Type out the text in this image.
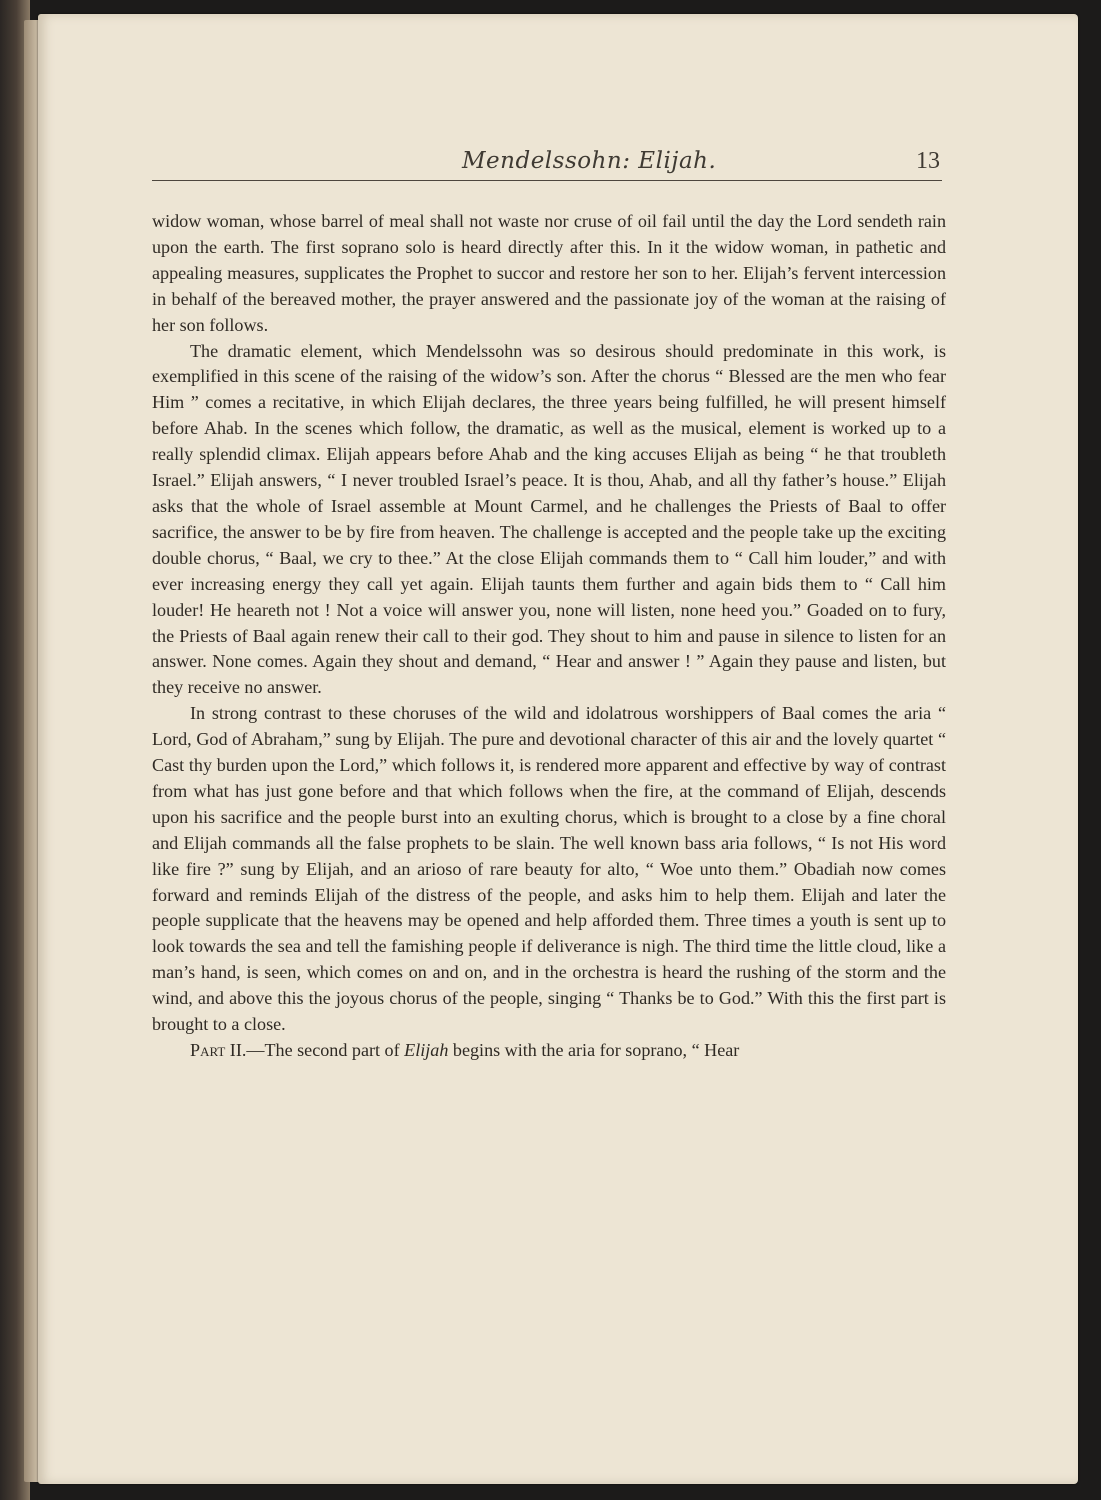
Mendelssohn: Elijah.	13

widow woman, whose barrel of meal shall not waste nor cruse of oil fail until the day the Lord sendeth rain upon the earth. The first soprano solo is heard directly after this. In it the widow woman, in pathetic and appealing measures, supplicates the Prophet to succor and restore her son to her. Elijah’s fervent intercession in behalf of the bereaved mother, the prayer answered and the passionate joy of the woman at the raising of her son follows.

The dramatic element, which Mendelssohn was so desirous should predominate in this work, is exemplified in this scene of the raising of the widow’s son. After the chorus “ Blessed are the men who fear Him ” comes a recitative, in which Elijah declares, the three years being fulfilled, he will present himself before Ahab. In the scenes which follow, the dramatic, as well as the musical, element is worked up to a really splendid climax. Elijah appears before Ahab and the king accuses Elijah as being “ he that troubleth Israel.” Elijah answers, “ I never troubled Israel’s peace. It is thou, Ahab, and all thy father’s house.” Elijah asks that the whole of Israel assemble at Mount Carmel, and he challenges the Priests of Baal to offer sacrifice, the answer to be by fire from heaven. The challenge is accepted and the people take up the exciting double chorus, “ Baal, we cry to thee.” At the close Elijah commands them to “ Call him louder,” and with ever increasing energy they call yet again. Elijah taunts them further and again bids them to “ Call him louder! He heareth not ! Not a voice will answer you, none will listen, none heed you.” Goaded on to fury, the Priests of Baal again renew their call to their god. They shout to him and pause in silence to listen for an answer. None comes. Again they shout and demand, “ Hear and answer ! ” Again they pause and listen, but they receive no answer.

In strong contrast to these choruses of the wild and idolatrous worshippers of Baal comes the aria “ Lord, God of Abraham,” sung by Elijah. The pure and devotional character of this air and the lovely quartet “ Cast thy burden upon the Lord,” which follows it, is rendered more apparent and effective by way of contrast from what has just gone before and that which follows when the fire, at the command of Elijah, descends upon his sacrifice and the people burst into an exulting chorus, which is brought to a close by a fine choral and Elijah commands all the false prophets to be slain. The well known bass aria follows, “ Is not His word like fire ?” sung by Elijah, and an arioso of rare beauty for alto, “ Woe unto them.” Obadiah now comes forward and reminds Elijah of the distress of the people, and asks him to help them. Elijah and later the people supplicate that the heavens may be opened and help afforded them. Three times a youth is sent up to look towards the sea and tell the famishing people if deliverance is nigh. The third time the little cloud, like a man’s hand, is seen, which comes on and on, and in the orchestra is heard the rushing of the storm and the wind, and above this the joyous chorus of the people, singing “ Thanks be to God.” With this the first part is brought to a close.

Part II.—The second part of Elijah begins with the aria for soprano, “ Hear
